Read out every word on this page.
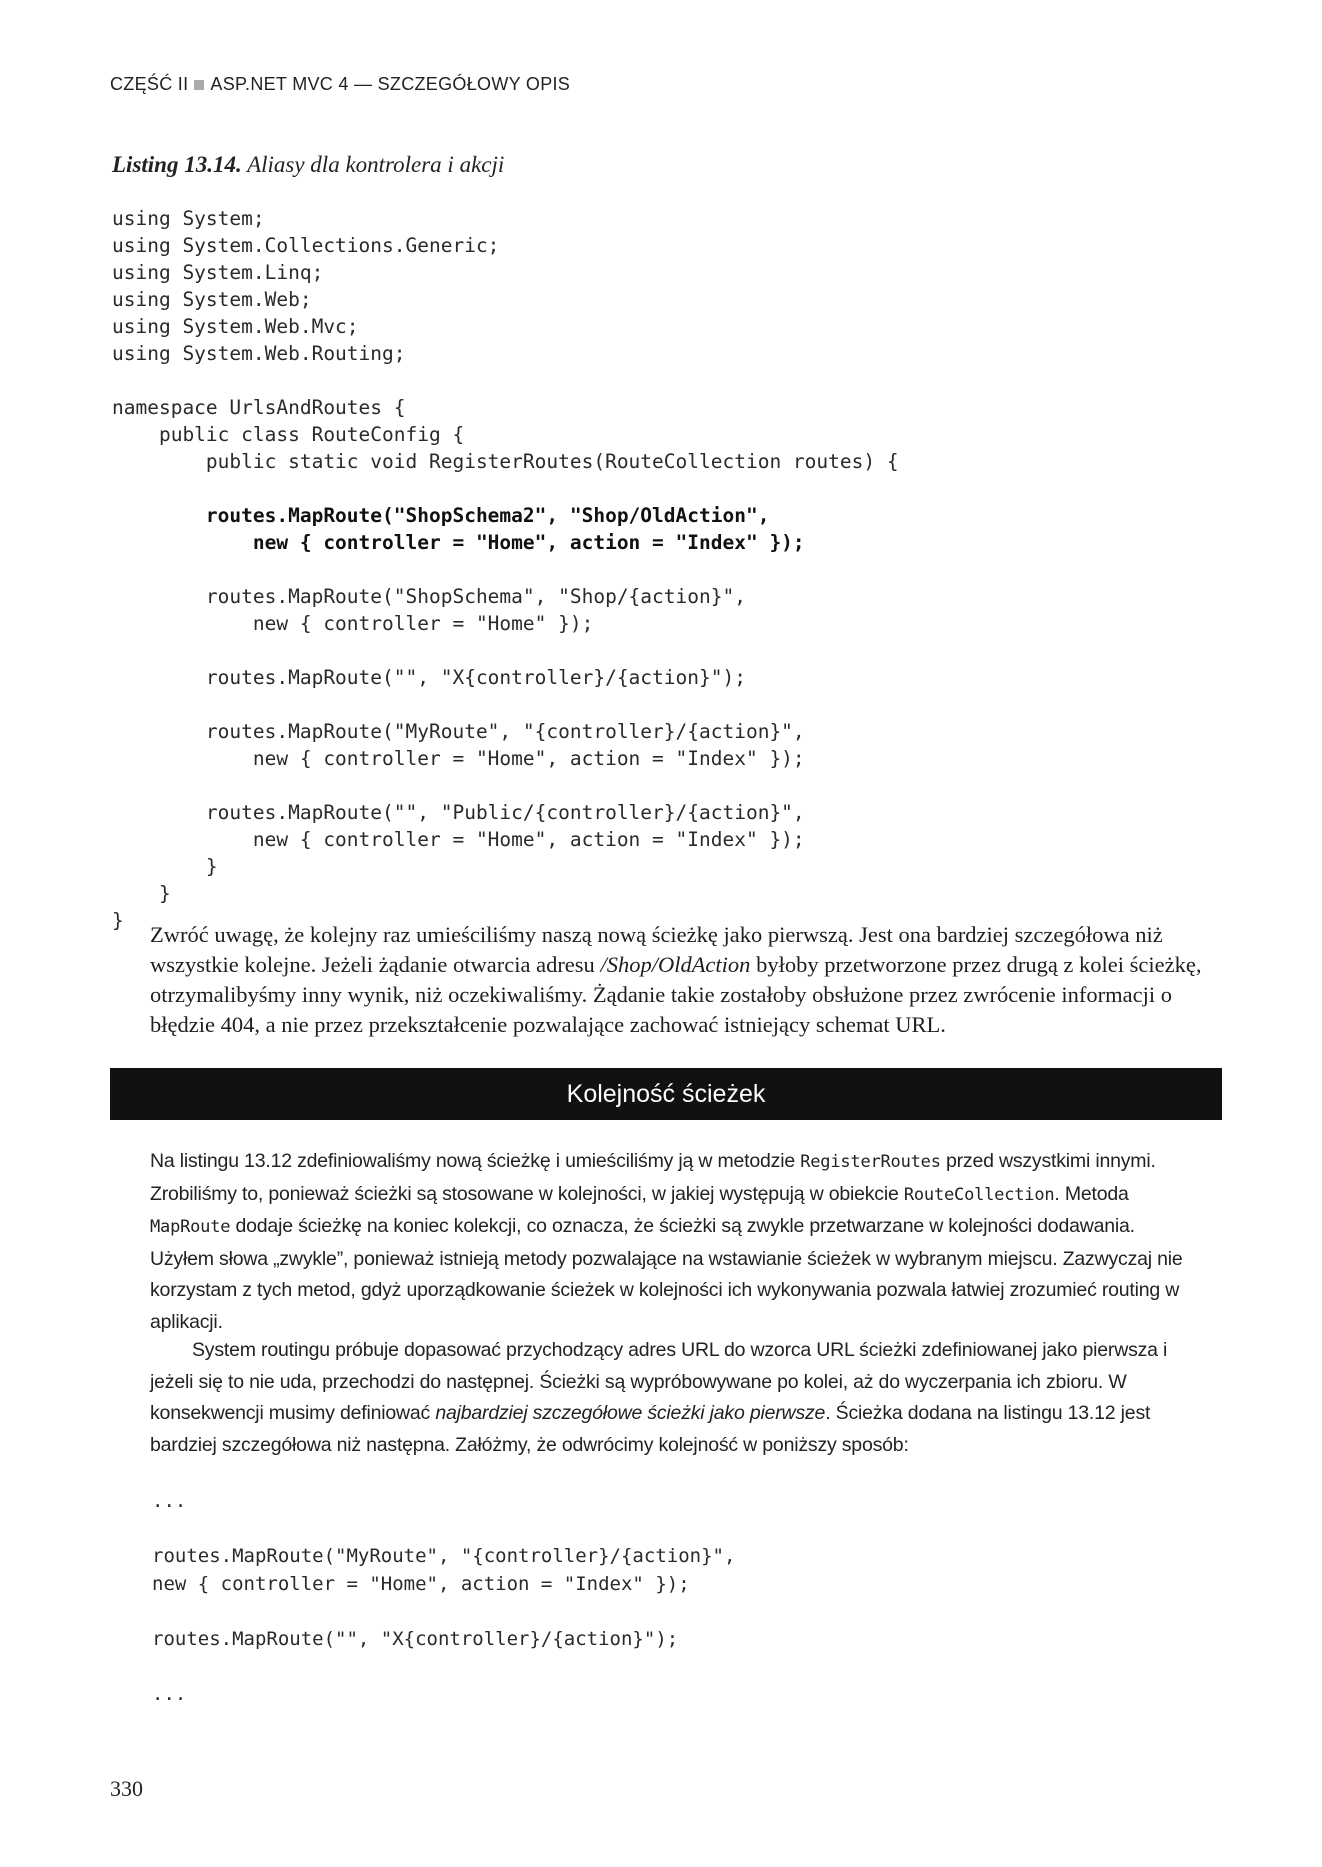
CZĘŚĆ II ASP.NET MVC 4 — SZCZEGÓŁOWY OPIS
Listing 13.14. Aliasy dla kontrolera i akcji
using System;
using System.Collections.Generic;
using System.Linq;
using System.Web;
using System.Web.Mvc;
using System.Web.Routing;
namespace UrlsAndRoutes {
public class RouteConfig {
public static void RegisterRoutes(RouteCollection routes) {
routes.MapRoute("ShopSchema2", "Shop/OldAction",
new { controller = "Home", action = "Index" });
routes.MapRoute("ShopSchema", "Shop/{action}",
new { controller = "Home" });
routes.MapRoute("", "X{controller}/{action}");
routes.MapRoute("MyRoute", "{controller}/{action}",
new { controller = "Home", action = "Index" });
routes.MapRoute("", "Public/{controller}/{action}",
new { controller = "Home", action = "Index" });
}
}
}

Zwróć uwagę, że kolejny raz umieściliśmy naszą nową ścieżkę jako pierwszą. Jest ona bardziej szczegółowa niż wszystkie kolejne. Jeżeli żądanie otwarcia adresu /Shop/OldAction byłoby przetworzone przez drugą z kolei ścieżkę, otrzymalibyśmy inny wynik, niż oczekiwaliśmy. Żądanie takie zostałoby obsłużone przez zwrócenie informacji o błędzie 404, a nie przez przekształcenie pozwalające zachować istniejący schemat URL.

Kolejność ścieżek

Na listingu 13.12 zdefiniowaliśmy nową ścieżkę i umieściliśmy ją w metodzie RegisterRoutes przed wszystkimi innymi. Zrobiliśmy to, ponieważ ścieżki są stosowane w kolejności, w jakiej występują w obiekcie RouteCollection. Metoda MapRoute dodaje ścieżkę na koniec kolekcji, co oznacza, że ścieżki są zwykle przetwarzane w kolejności dodawania. Użyłem słowa „zwykle”, ponieważ istnieją metody pozwalające na wstawianie ścieżek w wybranym miejscu. Zazwyczaj nie korzystam z tych metod, gdyż uporządkowanie ścieżek w kolejności ich wykonywania pozwala łatwiej zrozumieć routing w aplikacji.

System routingu próbuje dopasować przychodzący adres URL do wzorca URL ścieżki zdefiniowanej jako pierwsza i jeżeli się to nie uda, przechodzi do następnej. Ścieżki są wypróbowywane po kolei, aż do wyczerpania ich zbioru. W konsekwencji musimy definiować najbardziej szczegółowe ścieżki jako pierwsze. Ścieżka dodana na listingu 13.12 jest bardziej szczegółowa niż następna. Załóżmy, że odwrócimy kolejność w poniższy sposób:

...
routes.MapRoute("MyRoute", "{controller}/{action}",
new { controller = "Home", action = "Index" });
routes.MapRoute("", "X{controller}/{action}");
...
330
